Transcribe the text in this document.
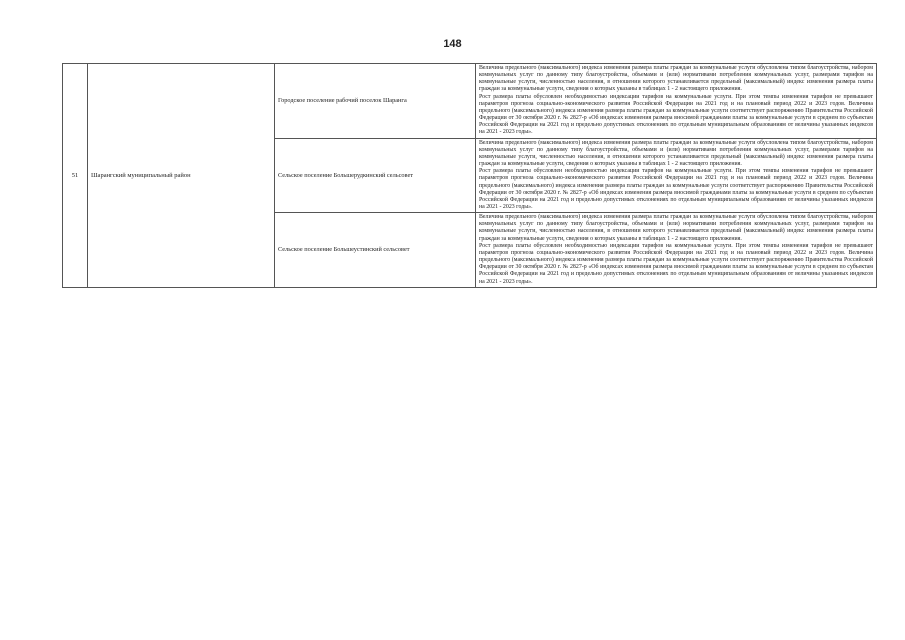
148
51	Шарангский муниципальный район	Городское поселение рабочий поселок Шаранга	Величина предельного (максимального) индекса изменения размера платы граждан за коммунальные услуги обусловлена типом благоустройства, набором коммунальных услуг по данному типу благоустройства, объемами и (или) нормативами потребления коммунальных услуг, размерами тарифов на коммунальные услуги, численностью населения, в отношении которого устанавливается предельный (максимальный) индекс изменения размера платы граждан за коммунальные услуги, сведения о которых указаны в таблицах 1 - 2 настоящего приложения.

Рост размера платы обусловлен необходимостью индексации тарифов на коммунальные услуги. При этом темпы изменения тарифов не превышают параметров прогноза социально-экономического развития Российской Федерации на 2021 год и на плановый период 2022 и 2023 годов. Величина предельного (максимального) индекса изменения размера платы граждан за коммунальные услуги соответствует распоряжению Правительства Российской Федерации от 30 октября 2020 г. № 2827-р «Об индексах изменения размера вносимой гражданами платы за коммунальные услуги в среднем по субъектам Российской Федерации на 2021 год и предельно допустимых отклонениях по отдельным муниципальным образованиям от величины указанных индексов на 2021 - 2023 годы».

		Сельское поселение Большерудкинский сельсовет	Величина предельного (максимального) индекса изменения размера платы граждан за коммунальные услуги обусловлена типом благоустройства, набором коммунальных услуг по данному типу благоустройства, объемами и (или) нормативами потребления коммунальных услуг, размерами тарифов на коммунальные услуги, численностью населения, в отношении которого устанавливается предельный (максимальный) индекс изменения размера платы граждан за коммунальные услуги, сведения о которых указаны в таблицах 1 - 2 настоящего приложения.

Рост размера платы обусловлен необходимостью индексации тарифов на коммунальные услуги. При этом темпы изменения тарифов не превышают параметров прогноза социально-экономического развития Российской Федерации на 2021 год и на плановый период 2022 и 2023 годов. Величина предельного (максимального) индекса изменения размера платы граждан за коммунальные услуги соответствует распоряжению Правительства Российской Федерации от 30 октября 2020 г. № 2827-р «Об индексах изменения размера вносимой гражданами платы за коммунальные услуги в среднем по субъектам Российской Федерации на 2021 год и предельно допустимых отклонениях по отдельным муниципальным образованиям от величины указанных индексов на 2021 - 2023 годы».

		Сельское поселение Большеустинский сельсовет	Величина предельного (максимального) индекса изменения размера платы граждан за коммунальные услуги обусловлена типом благоустройства, набором коммунальных услуг по данному типу благоустройства, объемами и (или) нормативами потребления коммунальных услуг, размерами тарифов на коммунальные услуги, численностью населения, в отношении которого устанавливается предельный (максимальный) индекс изменения размера платы граждан за коммунальные услуги, сведения о которых указаны в таблицах 1 - 2 настоящего приложения.

Рост размера платы обусловлен необходимостью индексации тарифов на коммунальные услуги. При этом темпы изменения тарифов не превышают параметров прогноза социально-экономического развития Российской Федерации на 2021 год и на плановый период 2022 и 2023 годов. Величина предельного (максимального) индекса изменения размера платы граждан за коммунальные услуги соответствует распоряжению Правительства Российской Федерации от 30 октября 2020 г. № 2827-р «Об индексах изменения размера вносимой гражданами платы за коммунальные услуги в среднем по субъектам Российской Федерации на 2021 год и предельно допустимых отклонениях по отдельным муниципальным образованиям от величины указанных индексов на 2021 - 2023 годы».
